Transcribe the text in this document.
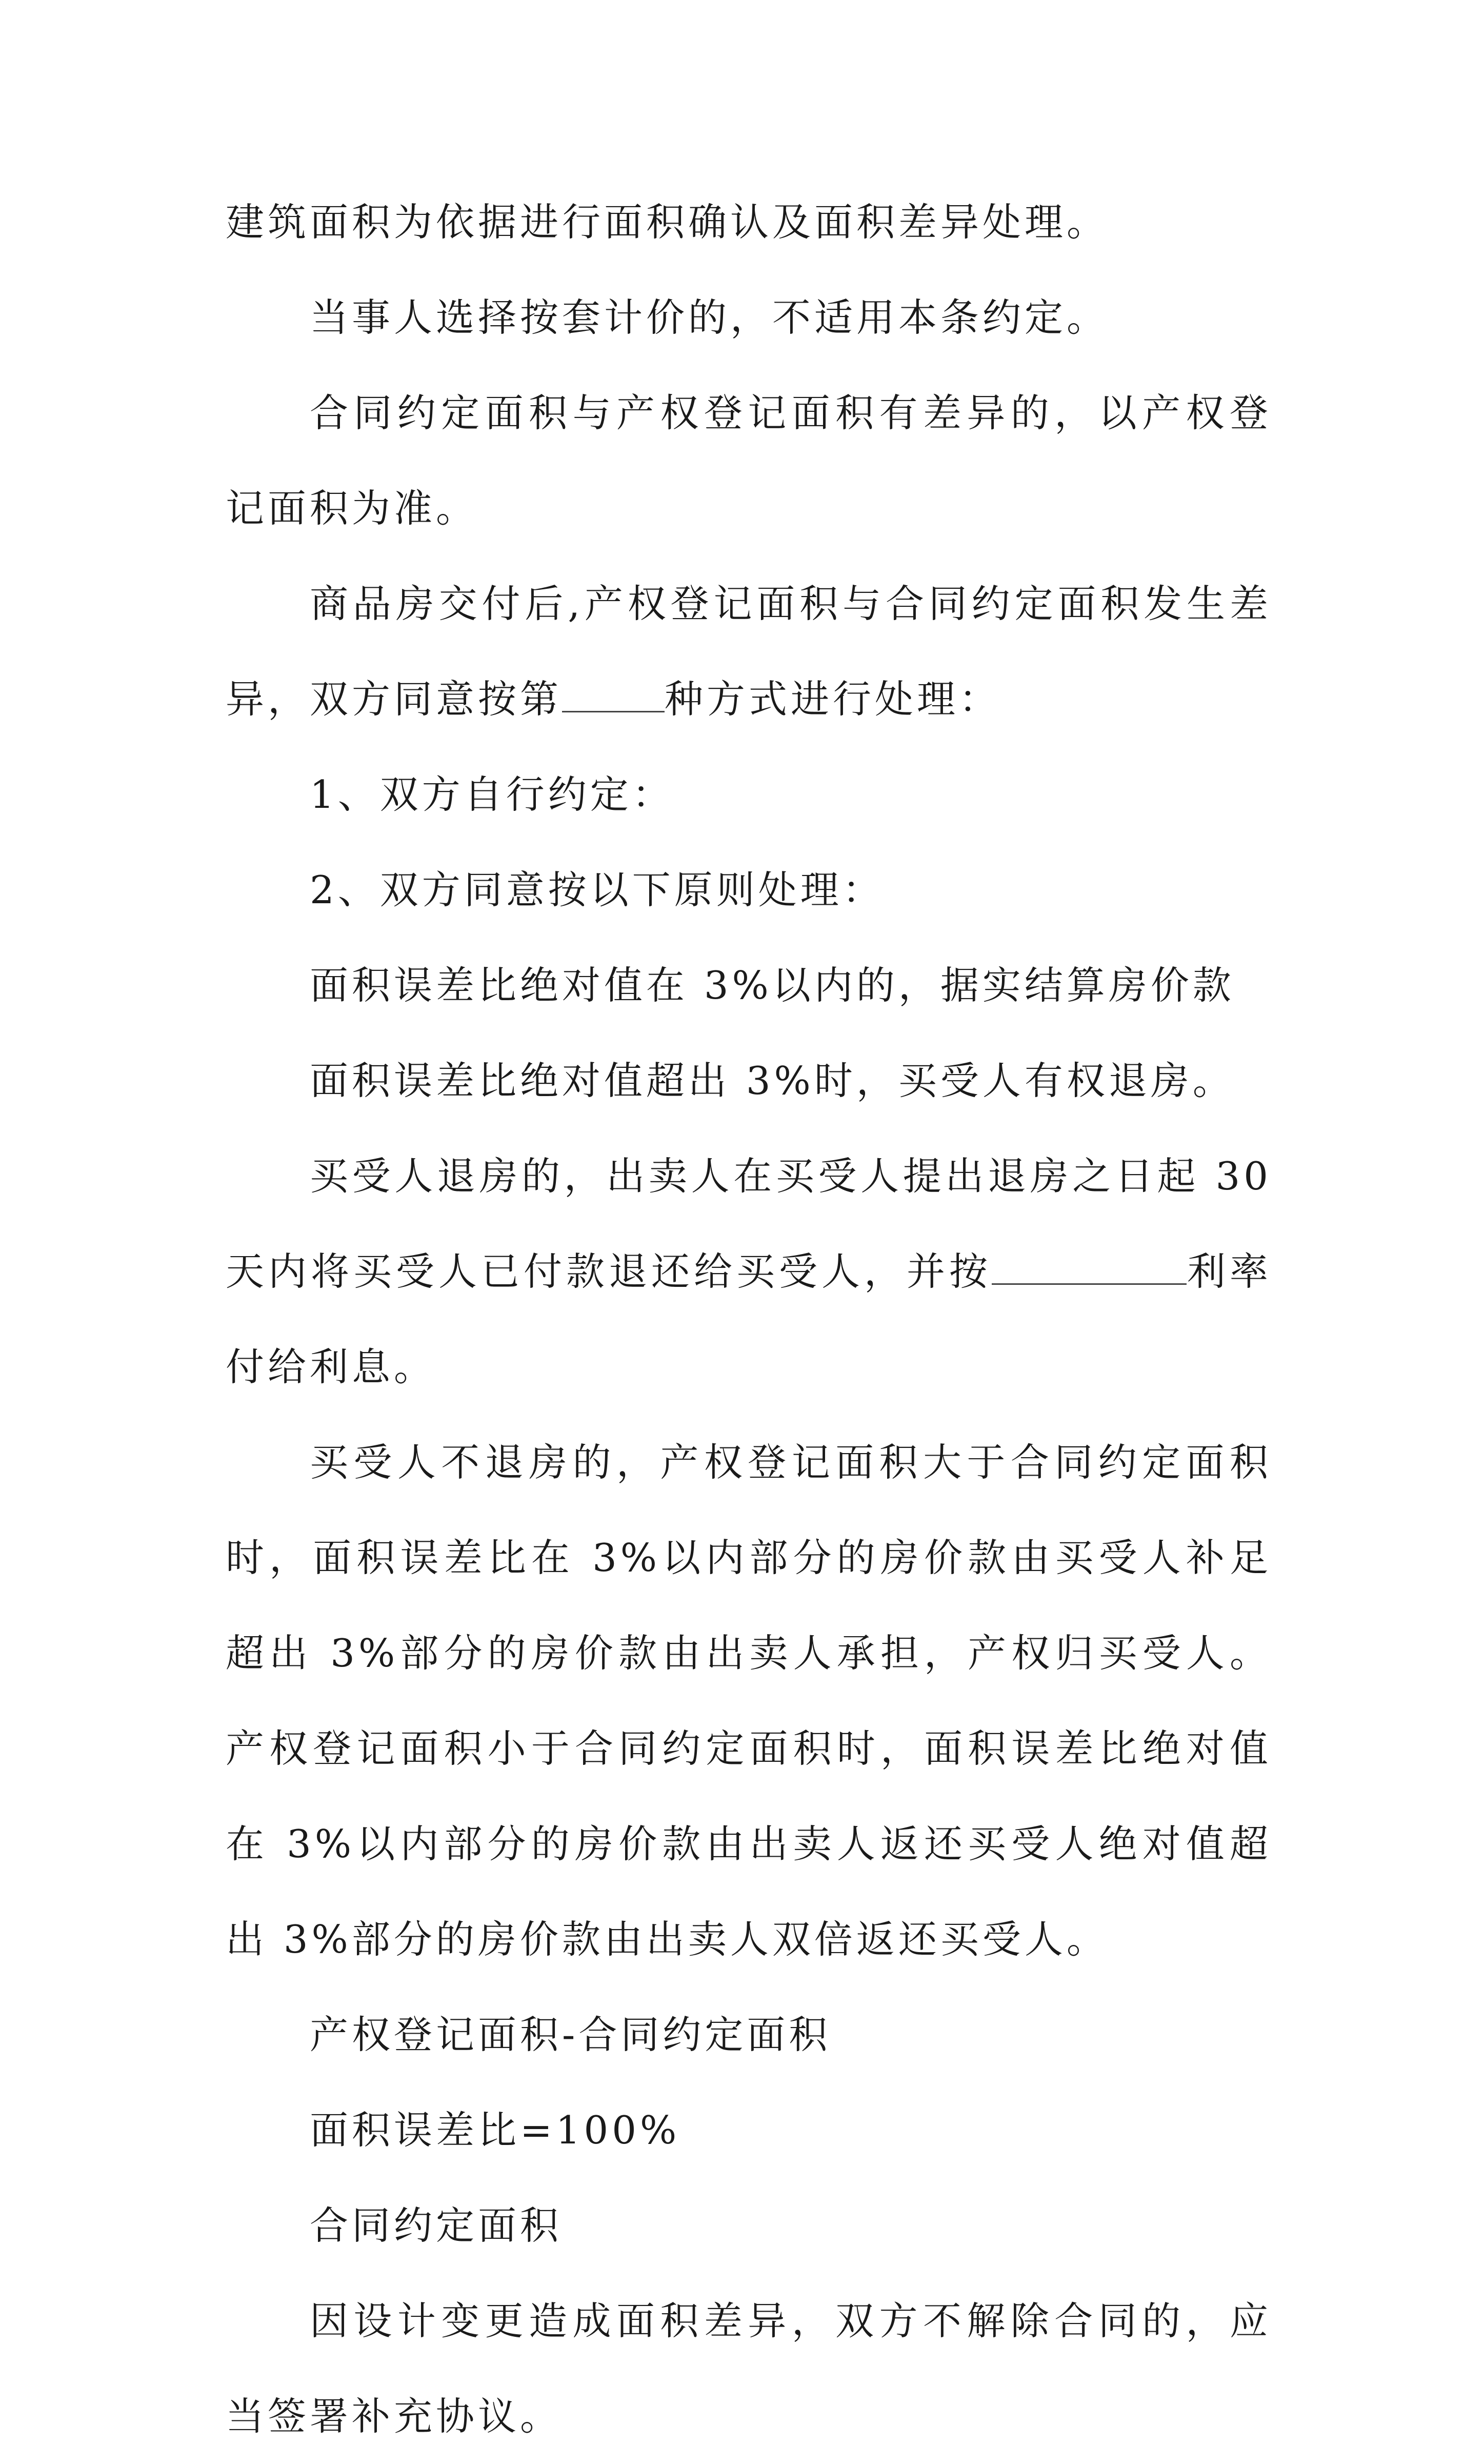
建筑面积为依据进行面积确认及面积差异处理。

当事人选择按套计价的，不适用本条约定。

合同约定面积与产权登记面积有差异的，以产权登记面积为准。

商品房交付后,产权登记面积与合同约定面积发生差异，双方同意按第	种方式进行处理：

1、双方自行约定：

2、双方同意按以下原则处理：

面积误差比绝对值在 3%以内的，据实结算房价款

面积误差比绝对值超出 3%时，买受人有权退房。

买受人退房的，出卖人在买受人提出退房之日起 30 天内将买受人已付款退还给买受人，并按	利率付给利息。

买受人不退房的，产权登记面积大于合同约定面积时，面积误差比在 3%以内部分的房价款由买受人补足超出 3%部分的房价款由出卖人承担，产权归买受人。产权登记面积小于合同约定面积时，面积误差比绝对值在 3%以内部分的房价款由出卖人返还买受人绝对值超出 3%部分的房价款由出卖人双倍返还买受人。

产权登记面积-合同约定面积

面积误差比=100%

合同约定面积

因设计变更造成面积差异，双方不解除合同的，应当签署补充协议。
